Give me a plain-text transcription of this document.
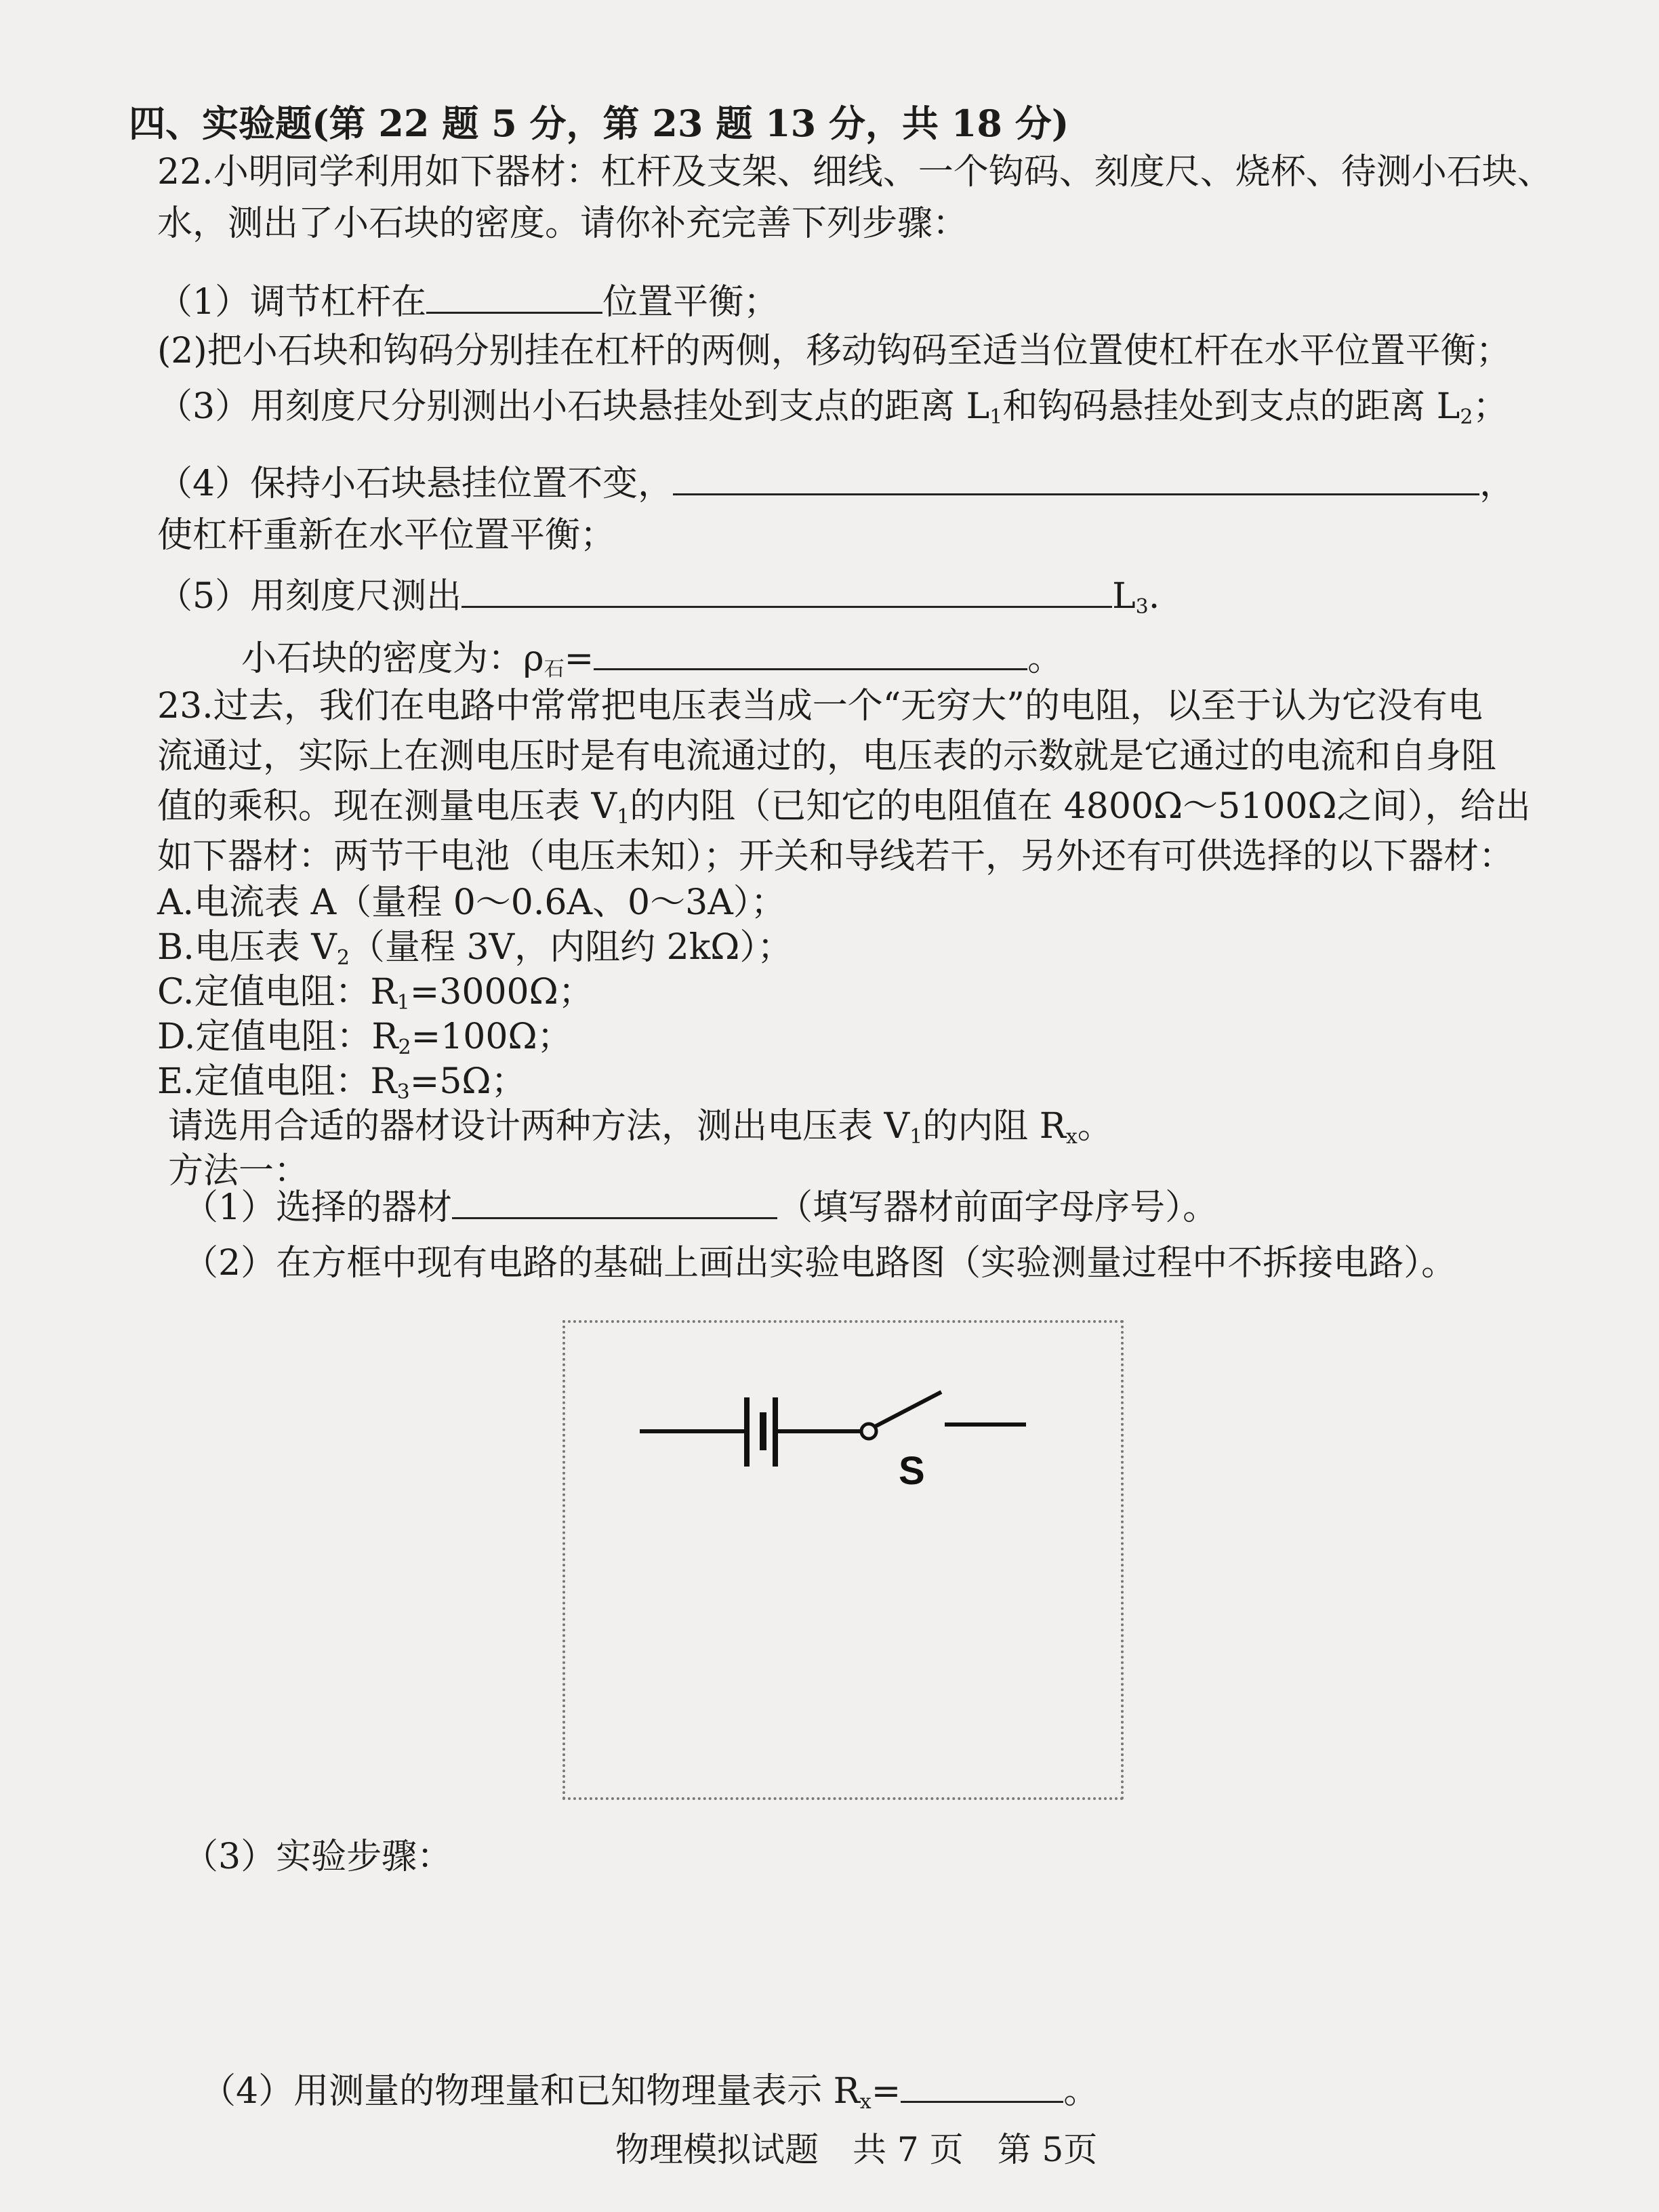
四、实验题(第 22 题 5 分，第 23 题 13 分，共 18 分)
22.小明同学利用如下器材：杠杆及支架、细线、一个钩码、刻度尺、烧杯、待测小石块、
水，测出了小石块的密度。请你补充完善下列步骤：
（1）调节杠杆在	位置平衡；
(2)把小石块和钩码分别挂在杠杆的两侧，移动钩码至适当位置使杠杆在水平位置平衡；
（3）用刻度尺分别测出小石块悬挂处到支点的距离 $L_1$和钩码悬挂处到支点的距离 $L_2$；
（4）保持小石块悬挂位置不变，	，
使杠杆重新在水平位置平衡；
（5）用刻度尺测出	$L_3$.
小石块的密度为：$\rho_石=$	。
23.过去，我们在电路中常常把电压表当成一个“无穷大”的电阻，以至于认为它没有电
流通过，实际上在测电压时是有电流通过的，电压表的示数就是它通过的电流和自身阻
值的乘积。现在测量电压表 $V_1$的内阻（已知它的电阻值在 4800Ω～5100Ω之间），给出
如下器材：两节干电池（电压未知）；开关和导线若干，另外还有可供选择的以下器材：
A.电流表 A（量程 0～0.6A、0～3A）；
B.电压表 $V_2$（量程 3V，内阻约 2kΩ）；
C.定值电阻：$R_1=3000\Omega$；
D.定值电阻：$R_2=100\Omega$；
E.定值电阻：$R_3=5\Omega$；
请选用合适的器材设计两种方法，测出电压表 $V_1$的内阻 $R_x$。
方法一：
（1）选择的器材	（填写器材前面字母序号）。
（2）在方框中现有电路的基础上画出实验电路图（实验测量过程中不拆接电路）。
S
（3）实验步骤：
（4）用测量的物理量和已知物理量表示 $R_x=$	。
物理模拟试题　共 7 页　第 5页
